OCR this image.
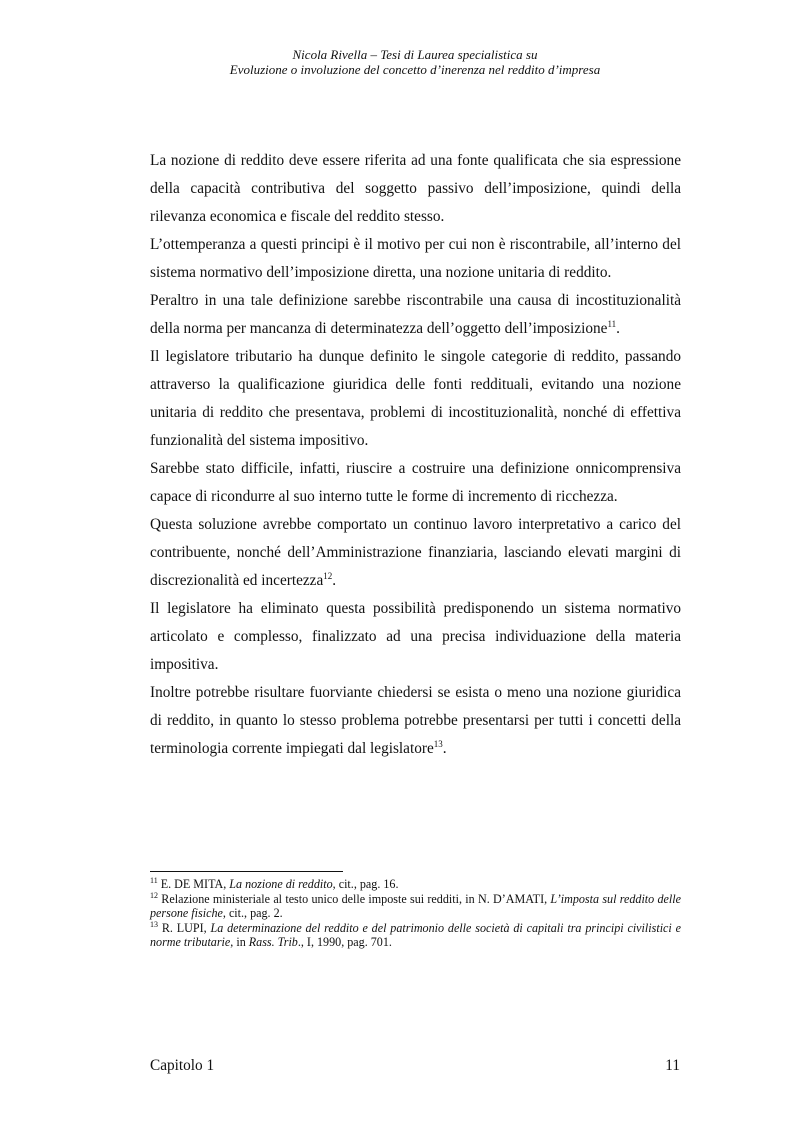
Nicola Rivella – Tesi di Laurea specialistica su
Evoluzione o involuzione del concetto d’inerenza nel reddito d’impresa

La nozione di reddito deve essere riferita ad una fonte qualificata che sia espressione della capacità contributiva del soggetto passivo dell’imposizione, quindi della rilevanza economica e fiscale del reddito stesso.

L’ottemperanza a questi principi è il motivo per cui non è riscontrabile, all’interno del sistema normativo dell’imposizione diretta, una nozione unitaria di reddito.

Peraltro in una tale definizione sarebbe riscontrabile una causa di incostituzionalità della norma per mancanza di determinatezza dell’oggetto dell’imposizione$^{11}$.

Il legislatore tributario ha dunque definito le singole categorie di reddito, passando attraverso la qualificazione giuridica delle fonti reddituali, evitando una nozione unitaria di reddito che presentava, problemi di incostituzionalità, nonché di effettiva funzionalità del sistema impositivo.

Sarebbe stato difficile, infatti, riuscire a costruire una definizione onnicomprensiva capace di ricondurre al suo interno tutte le forme di incremento di ricchezza.

Questa soluzione avrebbe comportato un continuo lavoro interpretativo a carico del contribuente, nonché dell’Amministrazione finanziaria, lasciando elevati margini di discrezionalità ed incertezza$^{12}$.

Il legislatore ha eliminato questa possibilità predisponendo un sistema normativo articolato e complesso, finalizzato ad una precisa individuazione della materia impositiva.

Inoltre potrebbe risultare fuorviante chiedersi se esista o meno una nozione giuridica di reddito, in quanto lo stesso problema potrebbe presentarsi per tutti i concetti della terminologia corrente impiegati dal legislatore$^{13}$.

$^{11}$ E. DE MITA, La nozione di reddito, cit., pag. 16.

$^{12}$ Relazione ministeriale al testo unico delle imposte sui redditi, in N. D’AMATI, L’imposta sul reddito delle persone fisiche, cit., pag. 2.

$^{13}$ R. LUPI, La determinazione del reddito e del patrimonio delle società di capitali tra principi civilistici e norme tributarie, in Rass. Trib., I, 1990, pag. 701.

Capitolo 1	11
